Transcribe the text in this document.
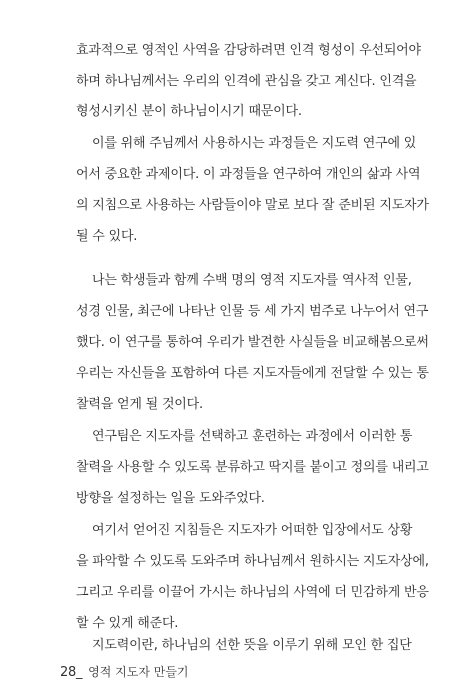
효과적으로 영적인 사역을 감당하려면 인격 형성이 우선되어야
하며 하나님께서는 우리의 인격에 관심을 갖고 계신다. 인격을
형성시키신 분이 하나님이시기 때문이다.
이를 위해 주님께서 사용하시는 과정들은 지도력 연구에 있
어서 중요한 과제이다. 이 과정들을 연구하여 개인의 삶과 사역
의 지침으로 사용하는 사람들이야 말로 보다 잘 준비된 지도자가
될 수 있다.
나는 학생들과 함께 수백 명의 영적 지도자를 역사적 인물,
성경 인물, 최근에 나타난 인물 등 세 가지 범주로 나누어서 연구
했다. 이 연구를 통하여 우리가 발견한 사실들을 비교해봄으로써
우리는 자신들을 포함하여 다른 지도자들에게 전달할 수 있는 통
찰력을 얻게 될 것이다.
연구팀은 지도자를 선택하고 훈련하는 과정에서 이러한 통
찰력을 사용할 수 있도록 분류하고 딱지를 붙이고 정의를 내리고
방향을 설정하는 일을 도와주었다.
여기서 얻어진 지침들은 지도자가 어떠한 입장에서도 상황
을 파악할 수 있도록 도와주며 하나님께서 원하시는 지도자상에,
그리고 우리를 이끌어 가시는 하나님의 사역에 더 민감하게 반응
할 수 있게 해준다.
지도력이란, 하나님의 선한 뜻을 이루기 위해 모인 한 집단
28_ 영적 지도자 만들기
